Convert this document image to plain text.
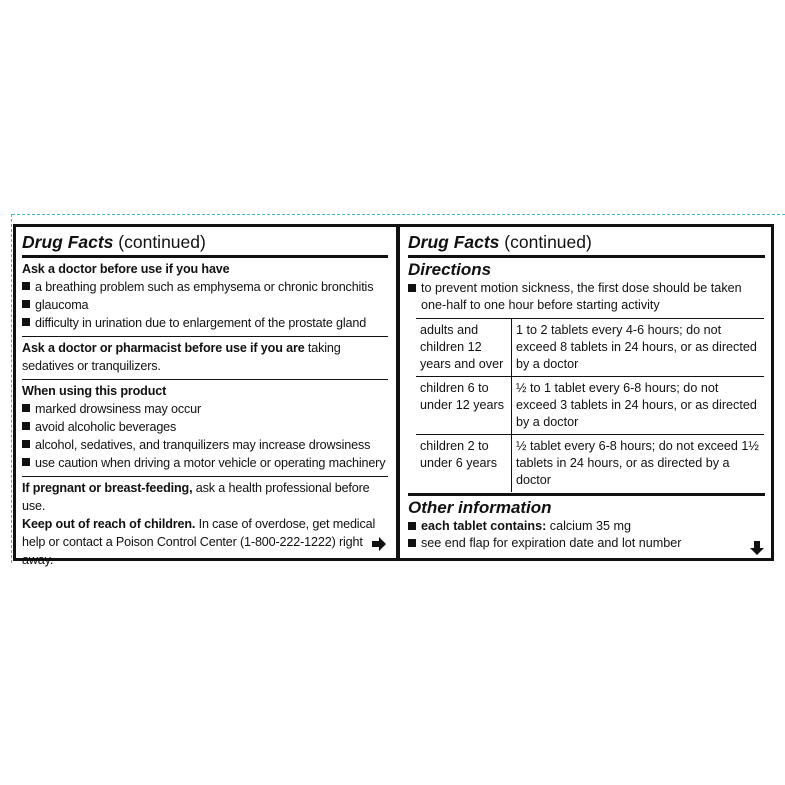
Drug Facts (continued)
Ask a doctor before use if you have
a breathing problem such as emphysema or chronic bronchitis
glaucoma
difficulty in urination due to enlargement of the prostate gland
Ask a doctor or pharmacist before use if you are taking sedatives or tranquilizers.
When using this product
marked drowsiness may occur
avoid alcoholic beverages
alcohol, sedatives, and tranquilizers may increase drowsiness
use caution when driving a motor vehicle or operating machinery
If pregnant or breast-feeding, ask a health professional before use.
Keep out of reach of children. In case of overdose, get medical help or contact a Poison Control Center (1-800-222-1222) right away.
Drug Facts (continued)
Directions
to prevent motion sickness, the first dose should be taken one-half to one hour before starting activity
adults and children 12 years and over	1 to 2 tablets every 4-6 hours; do not exceed 8 tablets in 24 hours, or as directed by a doctor
children 6 to under 12 years	½ to 1 tablet every 6-8 hours; do not exceed 3 tablets in 24 hours, or as directed by a doctor
children 2 to under 6 years	½ tablet every 6-8 hours; do not exceed 1½ tablets in 24 hours, or as directed by a doctor
Other information
each tablet contains: calcium 35 mg
see end flap for expiration date and lot number
